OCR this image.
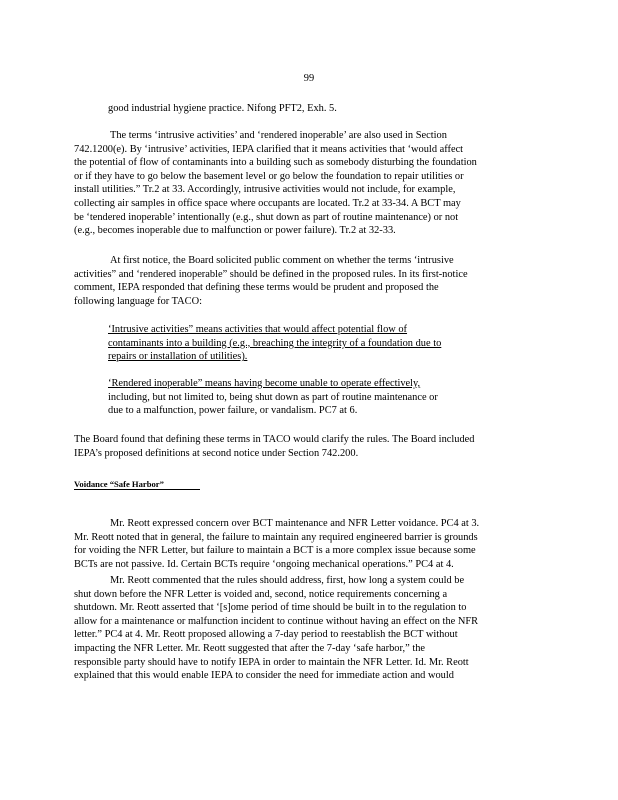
99
good industrial hygiene practice. Nifong PFT2, Exh. 5.
The terms ‘intrusive activities’ and ‘rendered inoperable’ are also used in Section
742.1200(e). By ‘intrusive’ activities, IEPA clarified that it means activities that ‘would affect
the potential of flow of contaminants into a building such as somebody disturbing the foundation
or if they have to go below the basement level or go below the foundation to repair utilities or
install utilities.” Tr.2 at 33. Accordingly, intrusive activities would not include, for example,
collecting air samples in office space where occupants are located. Tr.2 at 33-34. A BCT may
be ‘tendered inoperable’ intentionally (e.g., shut down as part of routine maintenance) or not
(e.g., becomes inoperable due to malfunction or power failure). Tr.2 at 32-33.
At first notice, the Board solicited public comment on whether the terms ‘intrusive
activities” and ‘rendered inoperable” should be defined in the proposed rules. In its first-notice
comment, IEPA responded that defining these terms would be prudent and proposed the
following language for TACO:
‘Intrusive activities” means activities that would affect potential flow of
contaminants into a building (e.g., breaching the integrity of a foundation due to
repairs or installation of utilities).
‘Rendered inoperable” means having become unable to operate effectively,
including, but not limited to, being shut down as part of routine maintenance or
due to a malfunction, power failure, or vandalism. PC7 at 6.
The Board found that defining these terms in TACO would clarify the rules. The Board included
IEPA’s proposed definitions at second notice under Section 742.200.
Voidance “Safe Harbor”
Mr. Reott expressed concern over BCT maintenance and NFR Letter voidance. PC4 at 3.
Mr. Reott noted that in general, the failure to maintain any required engineered barrier is grounds
for voiding the NFR Letter, but failure to maintain a BCT is a more complex issue because some
BCTs are not passive. Id. Certain BCTs require ‘ongoing mechanical operations.” PC4 at 4.
Mr. Reott commented that the rules should address, first, how long a system could be
shut down before the NFR Letter is voided and, second, notice requirements concerning a
shutdown. Mr. Reott asserted that ‘[s]ome period of time should be built in to the regulation to
allow for a maintenance or malfunction incident to continue without having an effect on the NFR
letter.” PC4 at 4. Mr. Reott proposed allowing a 7-day period to reestablish the BCT without
impacting the NFR Letter. Mr. Reott suggested that after the 7-day ‘safe harbor,” the
responsible party should have to notify IEPA in order to maintain the NFR Letter. Id. Mr. Reott
explained that this would enable IEPA to consider the need for immediate action and would
